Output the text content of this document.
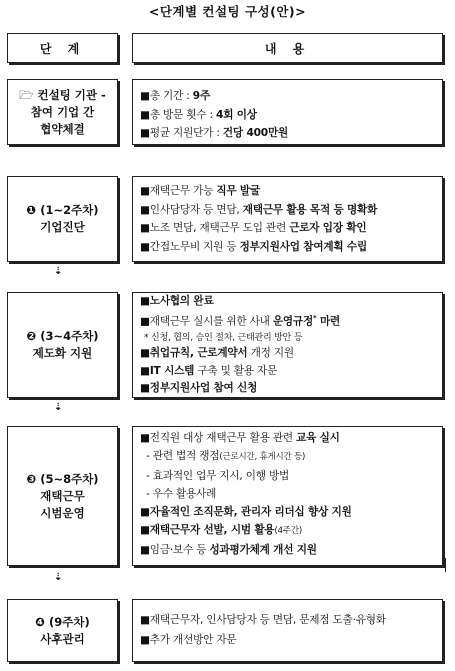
<단계별 컨설팅 구성(안)>
단 계	내 용
🗁 컨설팅 기관 -
참여 기업 간
협약체결
■총 기간 : 9주
■총 방문 횟수 : 4회 이상
■평균 지원단가 : 건당 400만원
❶ (1~2주차)
기업진단
■재택근무 가능 직무 발굴
■인사담당자 등 면담, 재택근무 활용 목적 등 명확화
■노조 면담, 재택근무 도입 관련 근로자 입장 확인
■간접노무비 지원 등 정부지원사업 참여계획 수립
⇣
❷ (3~4주차)
제도화 지원
■노사협의 완료
■재택근무 실시를 위한 사내 운영규정* 마련
* 신청, 협의, 승인 절차, 근태관리 방안 등
■취업규칙, 근로계약서 개정 지원
■IT 시스템 구축 및 활용 자문
■정부지원사업 참여 신청
⇣
❸ (5~8주차)
재택근무
시범운영
■전직원 대상 재택근무 활용 관련 교육 실시
- 관련 법적 쟁점(근로시간, 휴게시간 등)
- 효과적인 업무 지시, 이행 방법
- 우수 활용사례
■자율적인 조직문화, 관리자 리더십 향상 지원
■재택근무자 선발, 시범 활용(4주간)
■임금·보수 등 성과평가체계 개선 지원
⇣
❹ (9주차)
사후관리
■재택근무자, 인사담당자 등 면담, 문제점 도출·유형화
■추가 개선방안 자문
